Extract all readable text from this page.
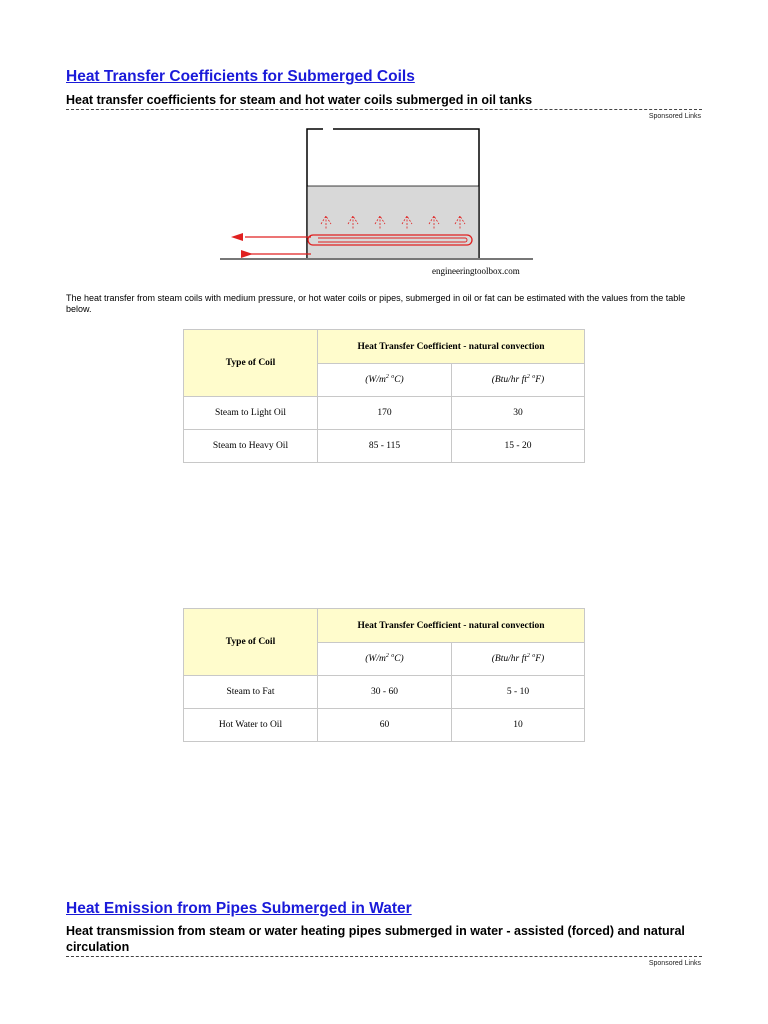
Heat Transfer Coefficients for Submerged Coils
Heat transfer coefficients for steam and hot water coils submerged in oil tanks
Sponsored Links
engineeringtoolbox.com
The heat transfer from steam coils with medium pressure, or hot water coils or pipes, submerged in oil or fat can be estimated with the values from the table below.
Type of Coil	Heat Transfer Coefficient - natural convection	
	($W/m^2$ $^o$C)	(Btu/hr $ft^2$ $^o$F)
Steam to Light Oil	170	30
Steam to Heavy Oil	85 - 115	15 - 20
Type of Coil	Heat Transfer Coefficient - natural convection	
	($W/m^2$ $^o$C)	(Btu/hr $ft^2$ $^o$F)
Steam to Fat	30 - 60	5 - 10
Hot Water to Oil	60	10
Heat Emission from Pipes Submerged in Water
Heat transmission from steam or water heating pipes submerged in water - assisted (forced) and natural circulation
Sponsored Links
